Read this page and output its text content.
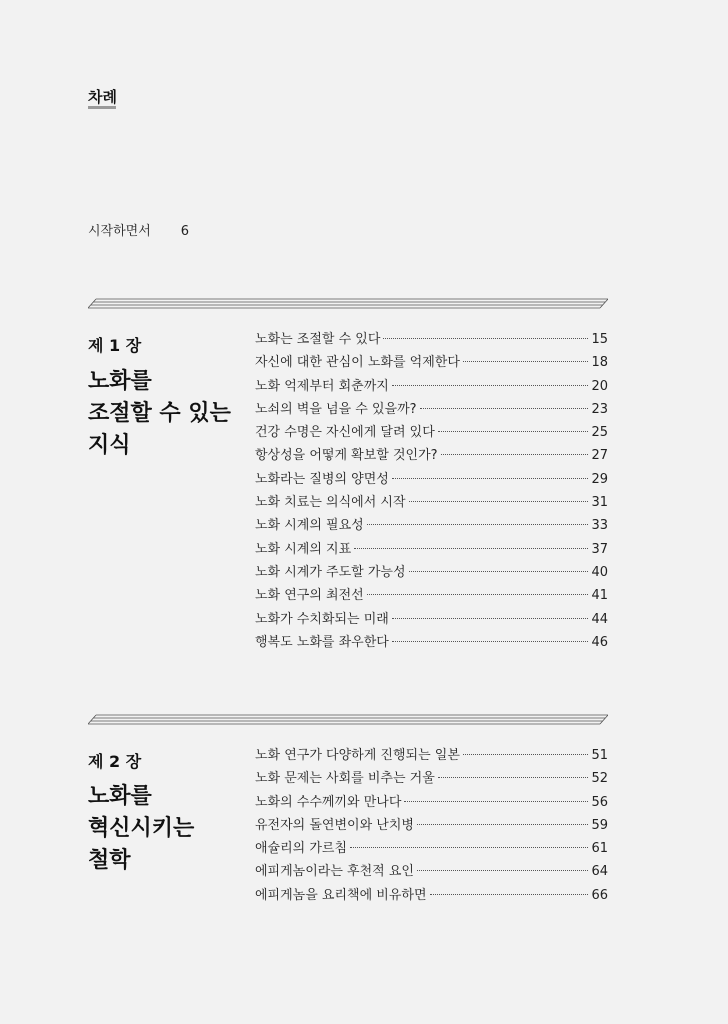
차례
시작하면서 6
제 1 장
노화를
조절할 수 있는
지식
노화는 조절할 수 있다	15
자신에 대한 관심이 노화를 억제한다	18
노화 억제부터 회춘까지	20
노쇠의 벽을 넘을 수 있을까?	23
건강 수명은 자신에게 달려 있다	25
항상성을 어떻게 확보할 것인가?	27
노화라는 질병의 양면성	29
노화 치료는 의식에서 시작	31
노화 시계의 필요성	33
노화 시계의 지표	37
노화 시계가 주도할 가능성	40
노화 연구의 최전선	41
노화가 수치화되는 미래	44
행복도 노화를 좌우한다	46
제 2 장
노화를
혁신시키는
철학
노화 연구가 다양하게 진행되는 일본	51
노화 문제는 사회를 비추는 거울	52
노화의 수수께끼와 만나다	56
유전자의 돌연변이와 난치병	59
애슐리의 가르침	61
에피게놈이라는 후천적 요인	64
에피게놈을 요리책에 비유하면	66
